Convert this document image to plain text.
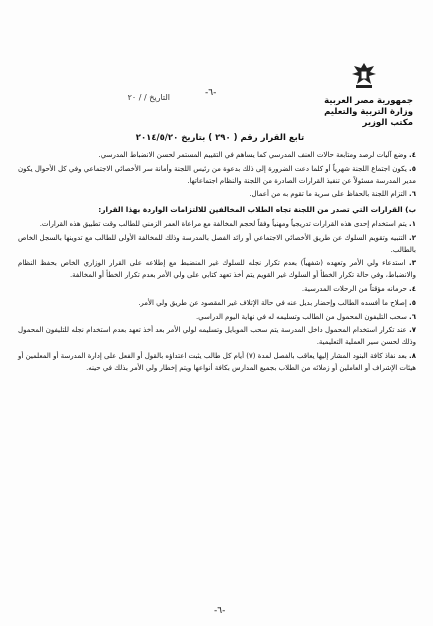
-٦-
التاريخ / / ٢٠	جمهورية مصر العربية
وزارة التربية والتعليم
مكتب الوزير
تابع القرار رقم ( ٢٩٠ ) بتاريخ ٢٠١٤/٥/٢٠

٤. وضع آليات لرصد ومتابعة حالات العنف المدرسي كما يساهم في التقييم المستمر لحسن الانضباط المدرسي.

٥. يكون اجتماع اللجنة شهرياً أو كلما دعت الضرورة إلى ذلك بدعوة من رئيس اللجنة وأمانة سر الأخصائي الاجتماعي وفي كل الأحوال يكون مدير المدرسة مسئولاً عن تنفيذ القرارات الصادرة من اللجنة والنظام اجتماعاتها.

٦. التزام اللجنة بالحفاظ على سرية ما تقوم به من أعمال.

ب) القرارات التي تصدر من اللجنة تجاه الطلاب المخالفين للالتزامات الواردة بهذا القرار:

١. يتم استخدام إحدى هذه القرارات تدريجياً ومهنياً وفقاً لحجم المخالفة مع مراعاة العمر الزمني للطالب وقت تطبيق هذه القرارات.

٢. التنبيه وتقويم السلوك عن طريق الأخصائي الاجتماعي أو رائد الفصل بالمدرسة وذلك للمخالفة الأولى للطالب مع تدوينها بالسجل الخاص بالطالب.

٣. استدعاء ولي الأمر وتعهده (شفهياً) بعدم تكرار نجله للسلوك غير المنضبط مع إطلاعه على القرار الوزاري الخاص بحفظ النظام والانضباط، وفي حالة تكرار الخطأ أو السلوك غير القويم يتم أخذ تعهد كتابي على ولي الأمر بعدم تكرار الخطأ أو المخالفة.

٤. حرمانه مؤقتاً من الرحلات المدرسية.

٥. إصلاح ما أفسده الطالب وإحضار بديل عنه في حالة الإتلاف غير المقصود عن طريق ولي الأمر.

٦. سحب التليفون المحمول من الطالب وتسليمه له في نهاية اليوم الدراسي.

٧. عند تكرار استخدام المحمول داخل المدرسة يتم سحب الموبايل وتسليمه لولي الأمر بعد أخذ تعهد بعدم استخدام نجله للتليفون المحمول وذلك لحسن سير العملية التعليمية.

٨. بعد نفاذ كافة البنود المشار إليها يعاقب بالفصل لمدة (٧) أيام كل طالب يثبت اعتداؤه بالقول أو الفعل على إدارة المدرسة أو المعلمين أو هيئات الإشراف أو العاملين أو زملائه من الطلاب بجميع المدارس بكافة أنواعها ويتم إخطار ولي الأمر بذلك في حينه.

-٦-
